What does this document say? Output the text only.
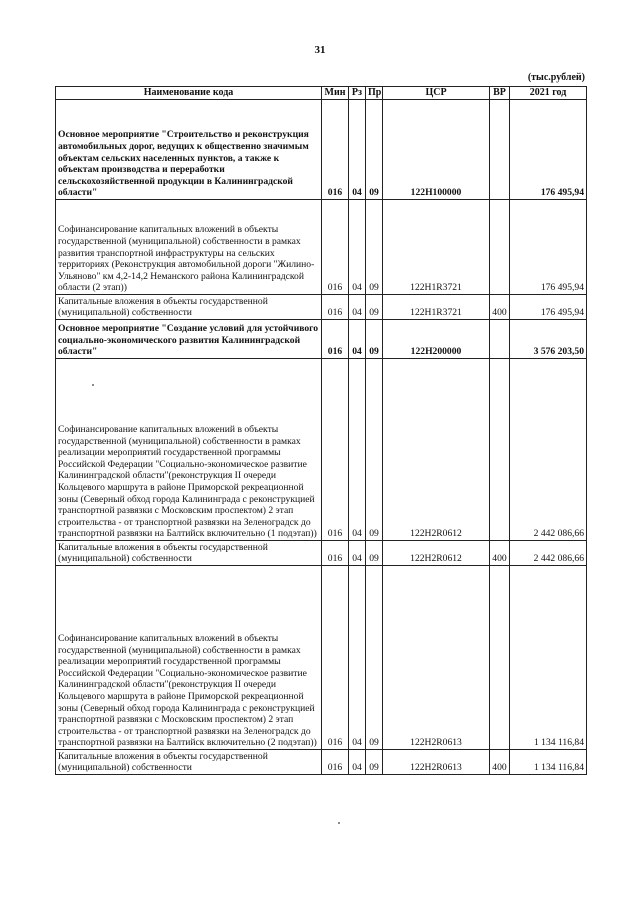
31
(тыс.рублей)
Наименование кода	Мин	Рз	Пр	ЦСР	ВР	2021 год
Основное мероприятие "Строительство и реконструкция автомобильных дорог, ведущих к общественно значимым объектам сельских населенных пунктов, а также к объектам производства и переработки сельскохозяйственной продукции в Калининградской области"	016	04	09	122H100000		176 495,94
Софинансирование капитальных вложений в объекты государственной (муниципальной) собственности в рамках развития транспортной инфраструктуры на сельских территориях (Реконструкция автомобильной дороги "Жилино-Ульяново" км 4,2-14,2 Неманского района Калининградской области (2 этап))	016	04	09	122H1R3721		176 495,94
Капитальные вложения в объекты государственной (муниципальной) собственности	016	04	09	122H1R3721	400	176 495,94
Основное мероприятие "Создание условий для устойчивого социально-экономического развития Калининградской области"	016	04	09	122H200000		3 576 203,50
Софинансирование капитальных вложений в объекты государственной (муниципальной) собственности в рамках реализации мероприятий государственной программы Российской Федерации "Социально-экономическое развитие Калининградской области"(реконструкция II очереди Кольцевого маршрута в районе Приморской рекреационной зоны (Северный обход города Калининграда с реконструкцией транспортной развязки с Московским проспектом) 2 этап строительства - от транспортной развязки на Зеленоградск до транспортной развязки на Балтийск включительно (1 подэтап))	016	04	09	122H2R0612		2 442 086,66
Капитальные вложения в объекты государственной (муниципальной) собственности	016	04	09	122H2R0612	400	2 442 086,66
Софинансирование капитальных вложений в объекты государственной (муниципальной) собственности в рамках реализации мероприятий государственной программы Российской Федерации "Социально-экономическое развитие Калининградской области"(реконструкция II очереди Кольцевого маршрута в районе Приморской рекреационной зоны (Северный обход города Калининграда с реконструкцией транспортной развязки с Московским проспектом) 2 этап строительства - от транспортной развязки на Зеленоградск до транспортной развязки на Балтийск включительно (2 подэтап))	016	04	09	122H2R0613		1 134 116,84
Капитальные вложения в объекты государственной (муниципальной) собственности	016	04	09	122H2R0613	400	1 134 116,84
